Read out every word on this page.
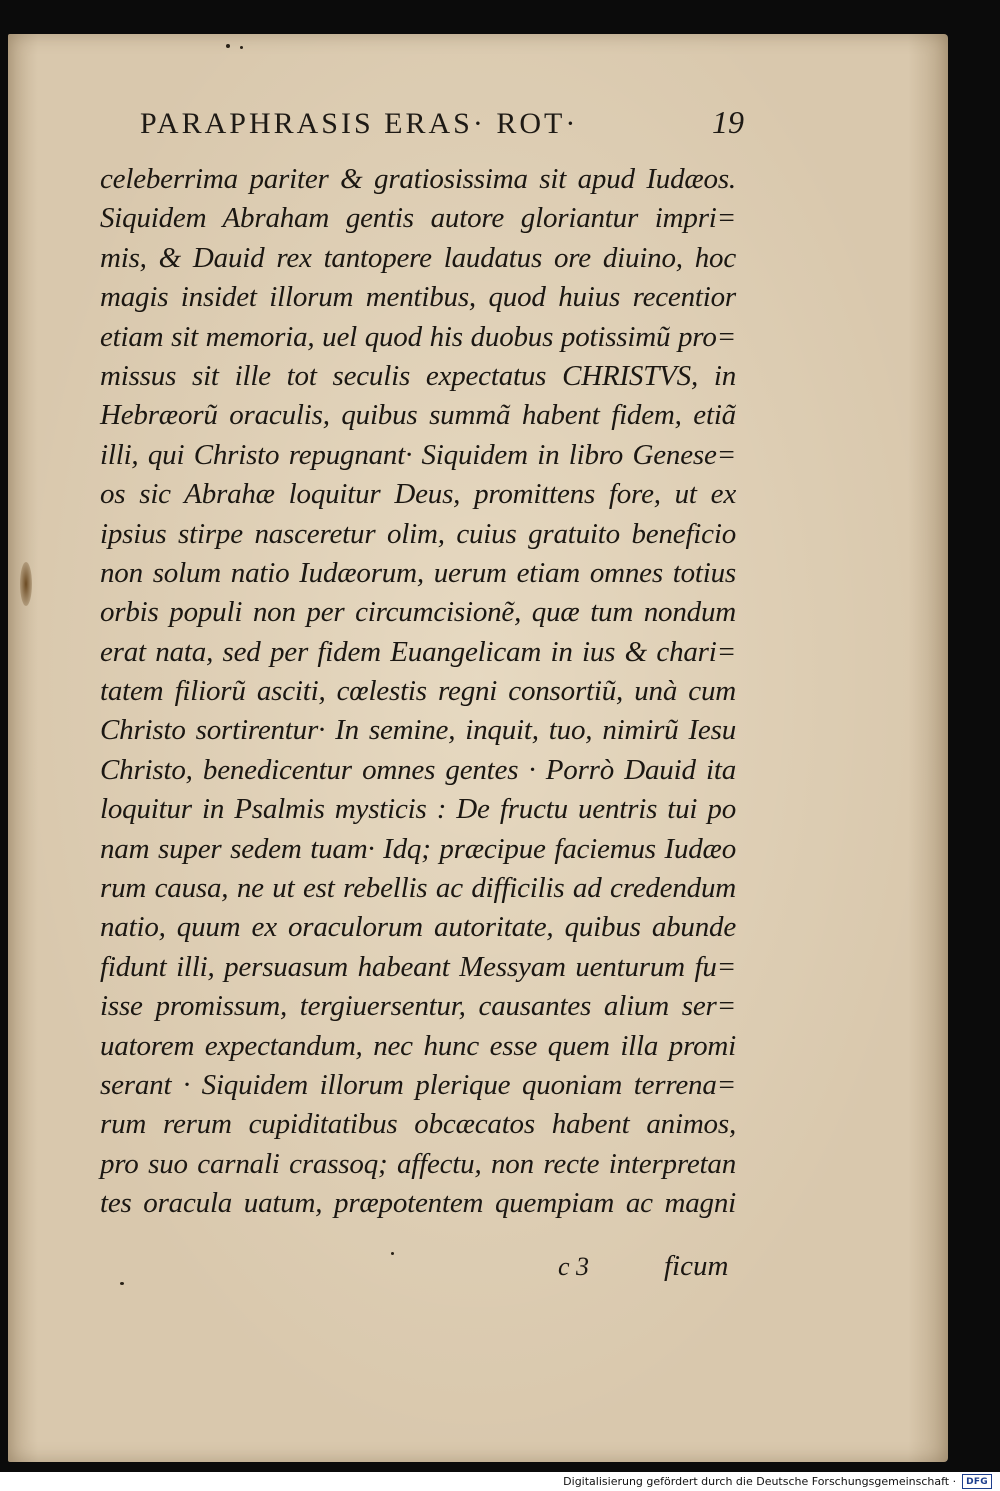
PARAPHRASIS ERAS· ROT·	19
celeberrima pariter & gratiosissima sit apud Iudæos.
Siquidem Abraham gentis autore gloriantur impri=
mis, & Dauid rex tantopere laudatus ore diuino, hoc
magis insidet illorum mentibus, quod huius recentior
etiam sit memoria, uel quod his duobus potissimũ pro=
missus sit ille tot seculis expectatus CHRISTVS, in
Hebræorũ oraculis, quibus summã habent fidem, etiã
illi, qui Christo repugnant· Siquidem in libro Genese=
os sic Abrahæ loquitur Deus, promittens fore, ut ex
ipsius stirpe nasceretur olim, cuius gratuito beneficio
non solum natio Iudæorum, uerum etiam omnes totius
orbis populi non per circumcisionẽ, quæ tum nondum
erat nata, sed per fidem Euangelicam in ius & chari=
tatem filiorũ asciti, cœlestis regni consortiũ, unà cum
Christo sortirentur· In semine, inquit, tuo, nimirũ Iesu
Christo, benedicentur omnes gentes · Porrò Dauid ita
loquitur in Psalmis mysticis : De fructu uentris tui po
nam super sedem tuam· Idq; præcipue faciemus Iudæo
rum causa, ne ut est rebellis ac difficilis ad credendum
natio, quum ex oraculorum autoritate, quibus abunde
fidunt illi, persuasum habeant Messyam uenturum fu=
isse promissum, tergiuersentur, causantes alium ser=
uatorem expectandum, nec hunc esse quem illa promi
serant · Siquidem illorum plerique quoniam terrena=
rum rerum cupiditatibus obcæcatos habent animos,
pro suo carnali crassoq; affectu, non recte interpretan
tes oracula uatum, præpotentem quempiam ac magni
c 3	ficum
Digitalisierung gefördert durch die Deutsche Forschungsgemeinschaft ·	DFG
